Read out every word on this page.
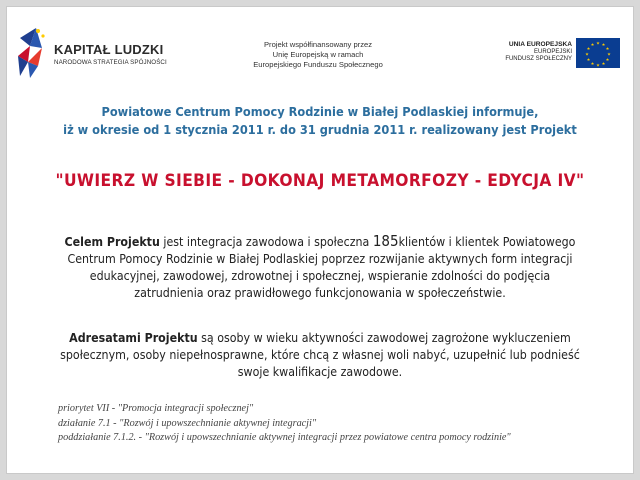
KAPITAŁ LUDZKI
NARODOWA STRATEGIA SPÓJNOŚCI
Projekt współfinansowany przez
Unię Europejską w ramach
Europejskiego Funduszu Społecznego
UNIA EUROPEJSKA
EUROPEJSKI
FUNDUSZ SPOŁECZNY
★ ★
★
★
★
★
★
★
★
★
★
★
Powiatowe Centrum Pomocy Rodzinie w Białej Podlaskiej informuje,
iż w okresie od 1 stycznia 2011 r. do 31 grudnia 2011 r. realizowany jest Projekt
"UWIERZ W SIEBIE - DOKONAJ METAMORFOZY - EDYCJA IV"
Celem Projektu jest integracja zawodowa i społeczna 185klientów i klientek Powiatowego
Centrum Pomocy Rodzinie w Białej Podlaskiej poprzez rozwijanie aktywnych form integracji
edukacyjnej, zawodowej, zdrowotnej i społecznej, wspieranie zdolności do podjęcia
zatrudnienia oraz prawidłowego funkcjonowania w społeczeństwie.
Adresatami Projektu są osoby w wieku aktywności zawodowej zagrożone wykluczeniem
społecznym, osoby niepełnosprawne, które chcą z własnej woli nabyć, uzupełnić lub podnieść
swoje kwalifikacje zawodowe.
priorytet VII - "Promocja integracji społecznej"
działanie 7.1 - "Rozwój i upowszechnianie aktywnej integracji"
poddziałanie 7.1.2. - "Rozwój i upowszechnianie aktywnej integracji przez powiatowe centra pomocy rodzinie"
